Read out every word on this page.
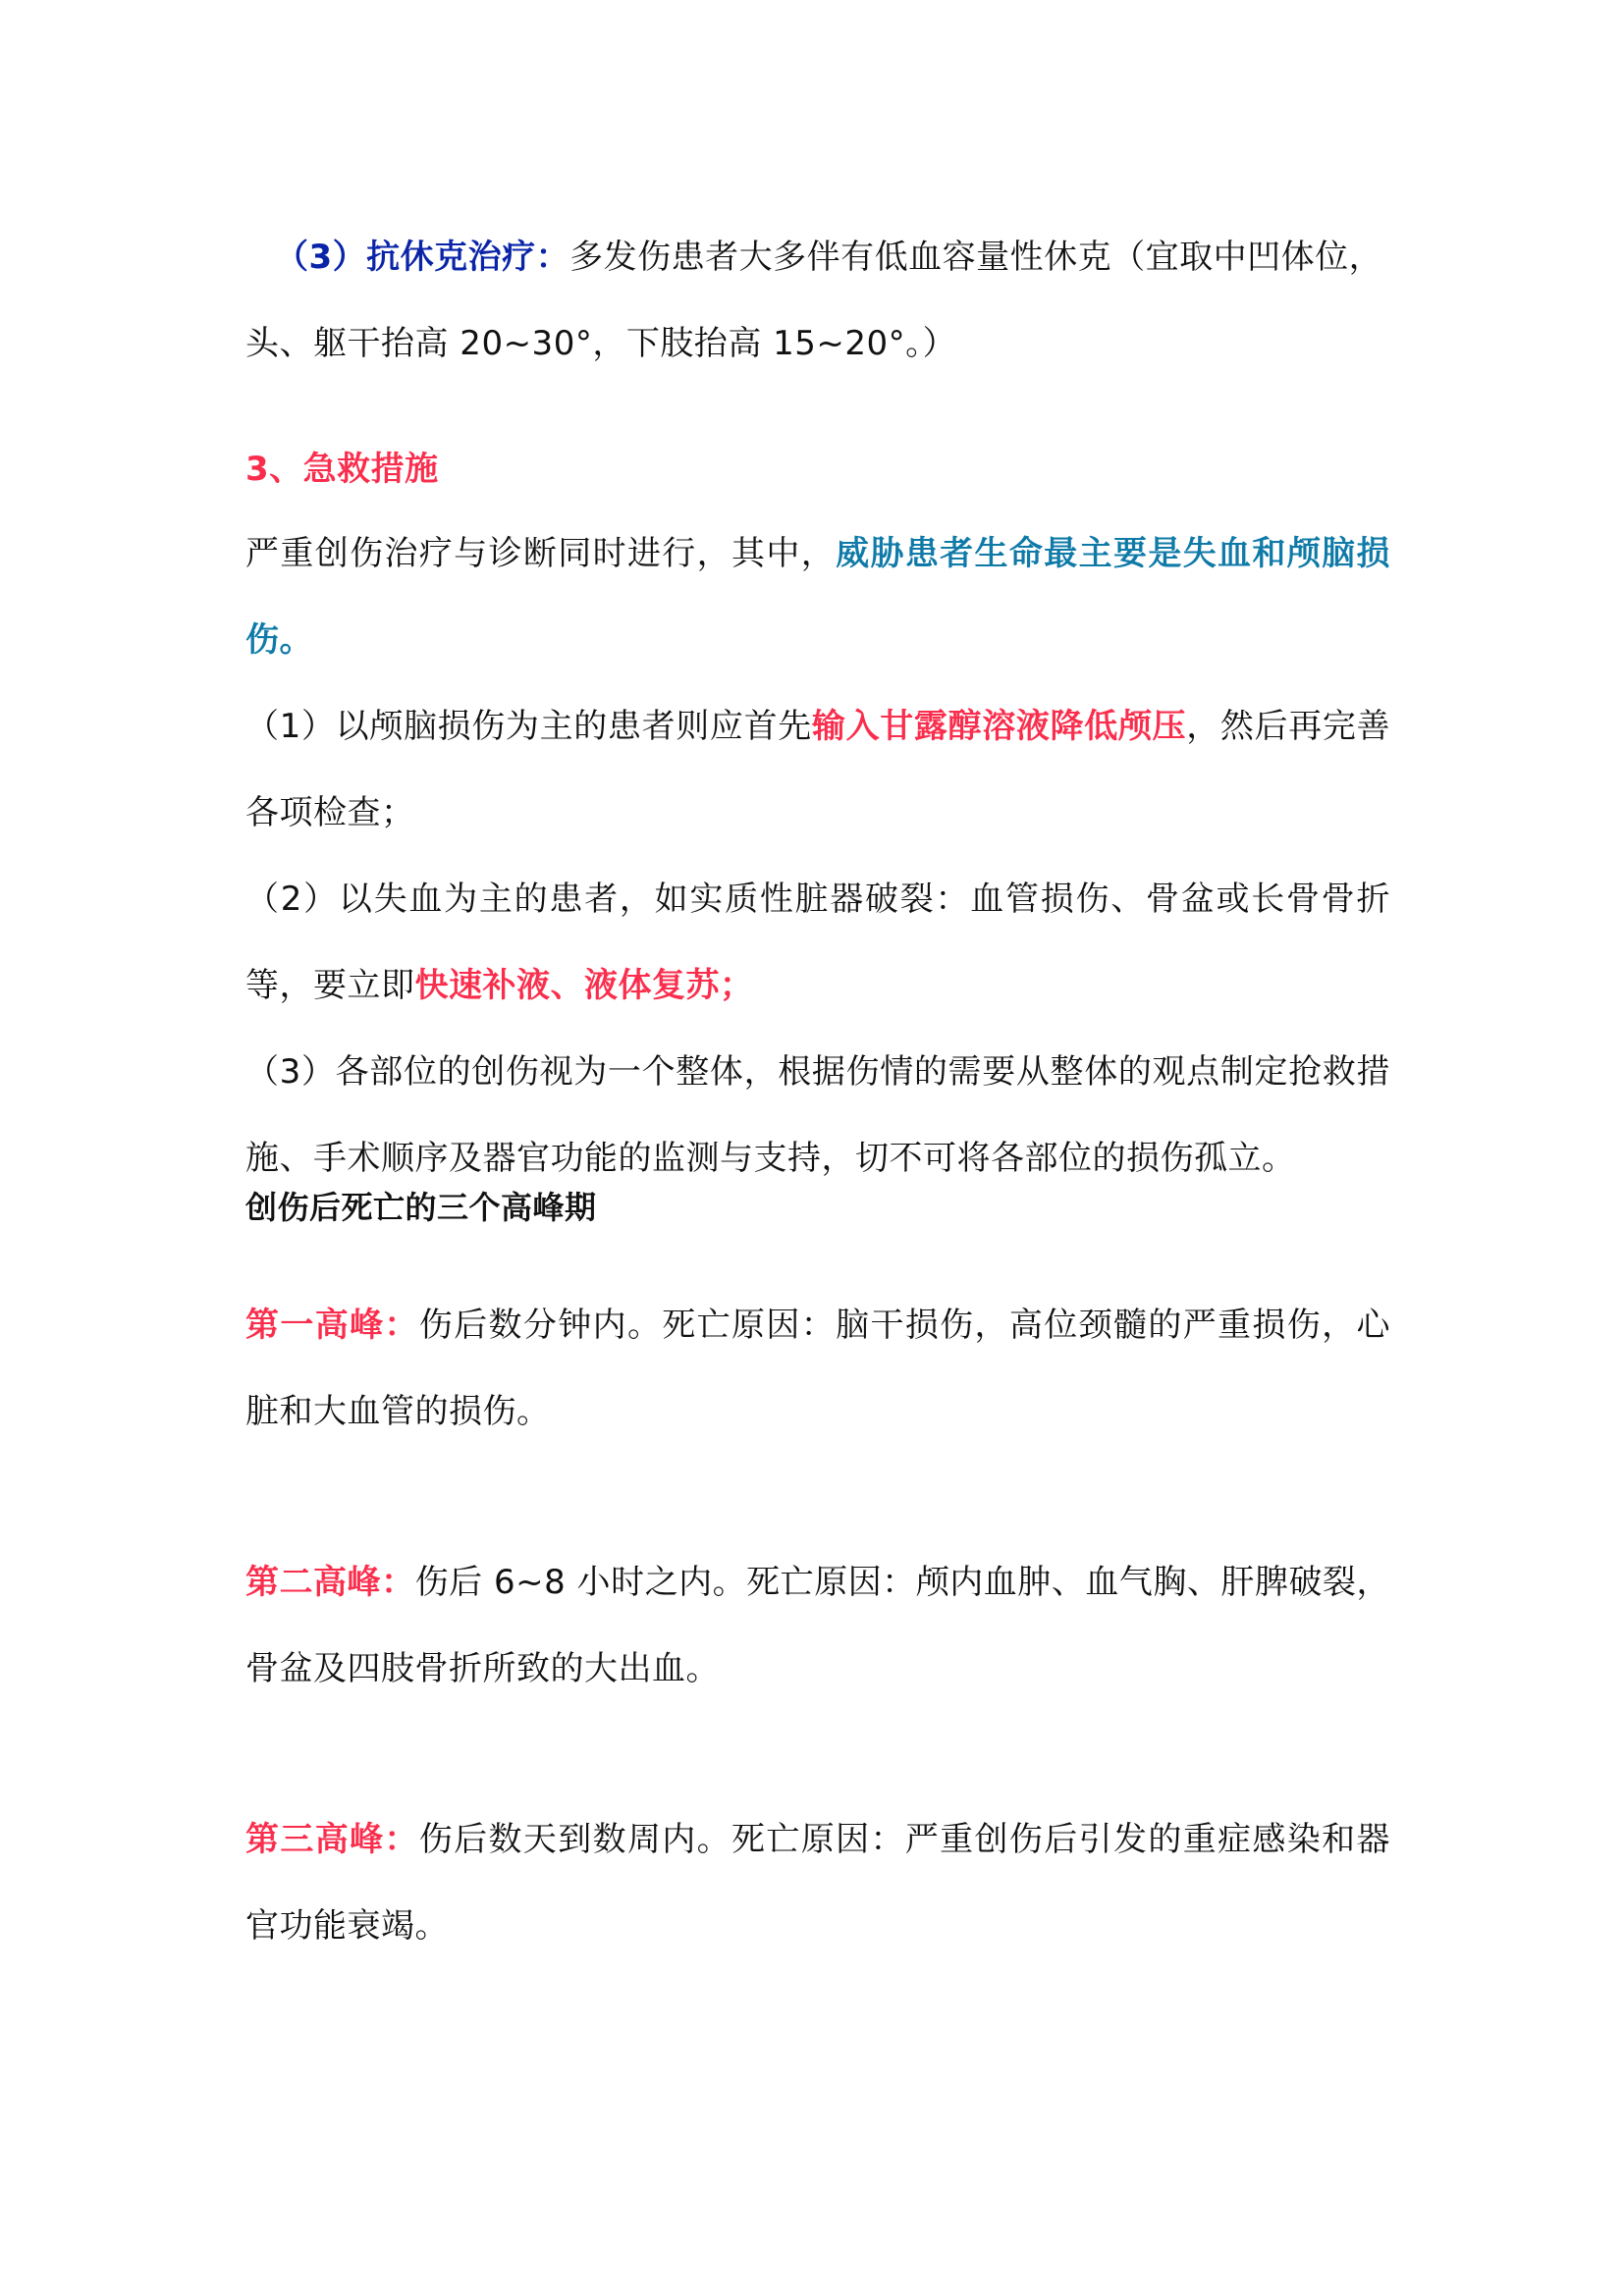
（3）抗休克治疗：多发伤患者大多伴有低血容量性休克（宜取中凹体位，
头、躯干抬高 20~30°，下肢抬高 15~20°。）

3、急救措施

严重创伤治疗与诊断同时进行，其中，威胁患者生命最主要是失血和颅脑损伤。

（1）以颅脑损伤为主的患者则应首先输入甘露醇溶液降低颅压，然后再完善各项检查；

（2）以失血为主的患者，如实质性脏器破裂：血管损伤、骨盆或长骨骨折等，要立即快速补液、液体复苏；

（3）各部位的创伤视为一个整体，根据伤情的需要从整体的观点制定抢救措施、手术顺序及器官功能的监测与支持，切不可将各部位的损伤孤立。

创伤后死亡的三个高峰期

第一高峰：伤后数分钟内。死亡原因：脑干损伤，高位颈髓的严重损伤，心脏和大血管的损伤。

第二高峰：伤后 6~8 小时之内。死亡原因：颅内血肿、血气胸、肝脾破裂，骨盆及四肢骨折所致的大出血。

第三高峰：伤后数天到数周内。死亡原因：严重创伤后引发的重症感染和器官功能衰竭。
